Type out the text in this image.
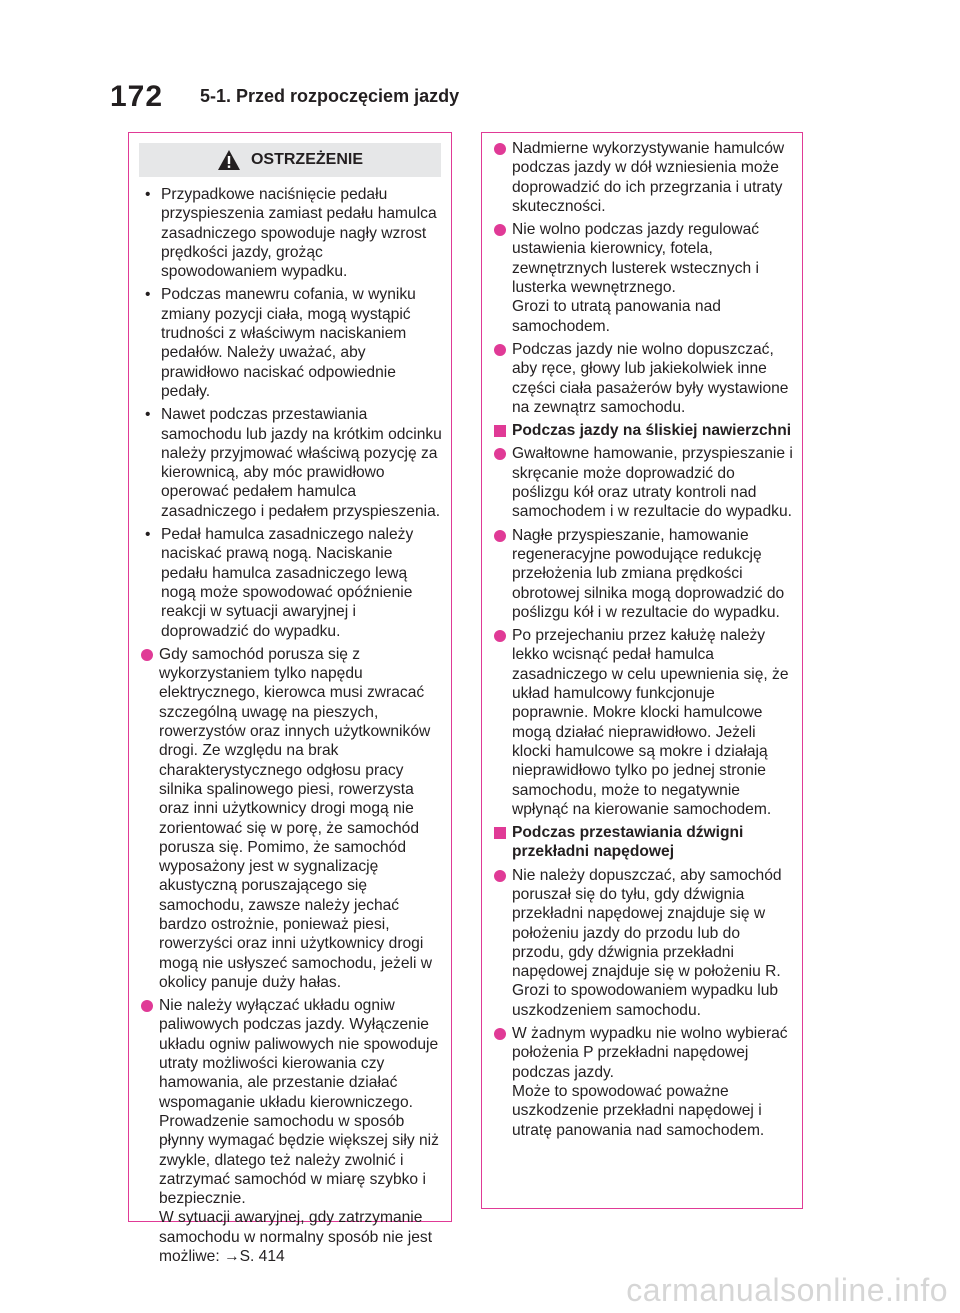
172 5-1. Przed rozpoczęciem jazdy
OSTRZEŻENIE
• Przypadkowe naciśnięcie pedału przyspieszenia zamiast pedału hamulca zasadniczego spowoduje nagły wzrost prędkości jazdy, grożąc spowodowaniem wypadku.
• Podczas manewru cofania, w wyniku zmiany pozycji ciała, mogą wystąpić trudności z właściwym naciskaniem pedałów. Należy uważać, aby prawidłowo naciskać odpowiednie pedały.
• Nawet podczas przestawiania samochodu lub jazdy na krótkim odcinku należy przyjmować właściwą pozycję za kierownicą, aby móc prawidłowo operować pedałem hamulca zasadniczego i pedałem przyspieszenia.
• Pedał hamulca zasadniczego należy naciskać prawą nogą. Naciskanie pedału hamulca zasadniczego lewą nogą może spowodować opóźnienie reakcji w sytuacji awaryjnej i doprowadzić do wypadku.
Gdy samochód porusza się z wykorzystaniem tylko napędu elektrycznego, kierowca musi zwracać szczególną uwagę na pieszych, rowerzystów oraz innych użytkowników drogi. Ze względu na brak charakterystycznego odgłosu pracy silnika spalinowego piesi, rowerzysta oraz inni użytkownicy drogi mogą nie zorientować się w porę, że samochód porusza się. Pomimo, że samochód wyposażony jest w sygnalizację akustyczną poruszającego się samochodu, zawsze należy jechać bardzo ostrożnie, ponieważ piesi, rowerzyści oraz inni użytkownicy drogi mogą nie usłyszeć samochodu, jeżeli w okolicy panuje duży hałas.
Nie należy wyłączać układu ogniw paliwowych podczas jazdy. Wyłączenie układu ogniw paliwowych nie spowoduje utraty możliwości kierowania czy hamowania, ale przestanie działać wspomaganie układu kierowniczego. Prowadzenie samochodu w sposób płynny wymagać będzie większej siły niż zwykle, dlatego też należy zwolnić i zatrzymać samochód w miarę szybko i bezpiecznie.
W sytuacji awaryjnej, gdy zatrzymanie samochodu w normalny sposób nie jest możliwe: →S. 414
Nadmierne wykorzystywanie hamulców podczas jazdy w dół wzniesienia może doprowadzić do ich przegrzania i utraty skuteczności.
Nie wolno podczas jazdy regulować ustawienia kierownicy, fotela, zewnętrznych lusterek wstecznych i lusterka wewnętrznego.
Grozi to utratą panowania nad samochodem.
Podczas jazdy nie wolno dopuszczać, aby ręce, głowy lub jakiekolwiek inne części ciała pasażerów były wystawione na zewnątrz samochodu.
Podczas jazdy na śliskiej nawierzchni
Gwałtowne hamowanie, przyspieszanie i skręcanie może doprowadzić do poślizgu kół oraz utraty kontroli nad samochodem i w rezultacie do wypadku.
Nagłe przyspieszanie, hamowanie regeneracyjne powodujące redukcję przełożenia lub zmiana prędkości obrotowej silnika mogą doprowadzić do poślizgu kół i w rezultacie do wypadku.
Po przejechaniu przez kałużę należy lekko wcisnąć pedał hamulca zasadniczego w celu upewnienia się, że układ hamulcowy funkcjonuje poprawnie. Mokre klocki hamulcowe mogą działać nieprawidłowo. Jeżeli klocki hamulcowe są mokre i działają nieprawidłowo tylko po jednej stronie samochodu, może to negatywnie wpłynąć na kierowanie samochodem.
Podczas przestawiania dźwigni przekładni napędowej
Nie należy dopuszczać, aby samochód poruszał się do tyłu, gdy dźwignia przekładni napędowej znajduje się w położeniu jazdy do przodu lub do przodu, gdy dźwignia przekładni napędowej znajduje się w położeniu R.
Grozi to spowodowaniem wypadku lub uszkodzeniem samochodu.
W żadnym wypadku nie wolno wybierać położenia P przekładni napędowej podczas jazdy.
Może to spowodować poważne uszkodzenie przekładni napędowej i utratę panowania nad samochodem.
carmanualsonline.info
